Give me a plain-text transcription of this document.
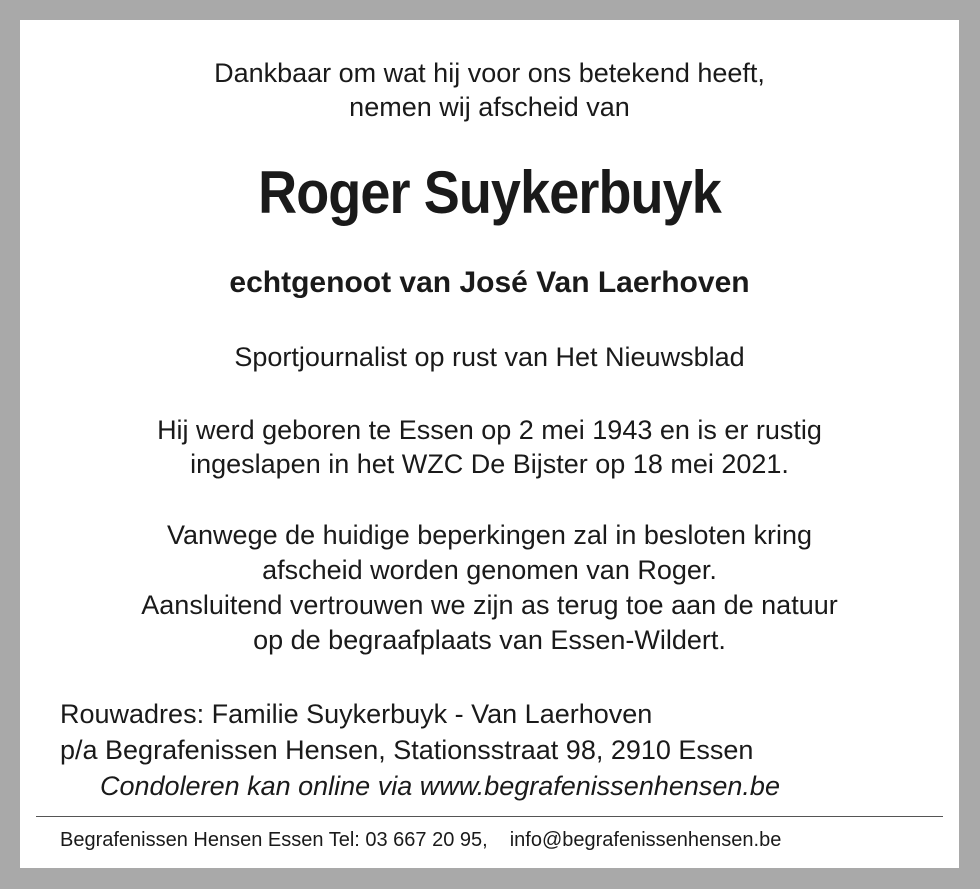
Dankbaar om wat hij voor ons betekend heeft,
nemen wij afscheid van
Roger Suykerbuyk
echtgenoot van José Van Laerhoven
Sportjournalist op rust van Het Nieuwsblad
Hij werd geboren te Essen op 2 mei 1943 en is er rustig
ingeslapen in het WZC De Bijster op 18 mei 2021.
Vanwege de huidige beperkingen zal in besloten kring
afscheid worden genomen van Roger.
Aansluitend vertrouwen we zijn as terug toe aan de natuur
op de begraafplaats van Essen-Wildert.
Rouwadres: Familie Suykerbuyk - Van Laerhoven
p/a Begrafenissen Hensen, Stationsstraat 98, 2910 Essen
Condoleren kan online via www.begrafenissenhensen.be
Begrafenissen Hensen Essen Tel: 03 667 20 95, info@begrafenissenhensen.be
